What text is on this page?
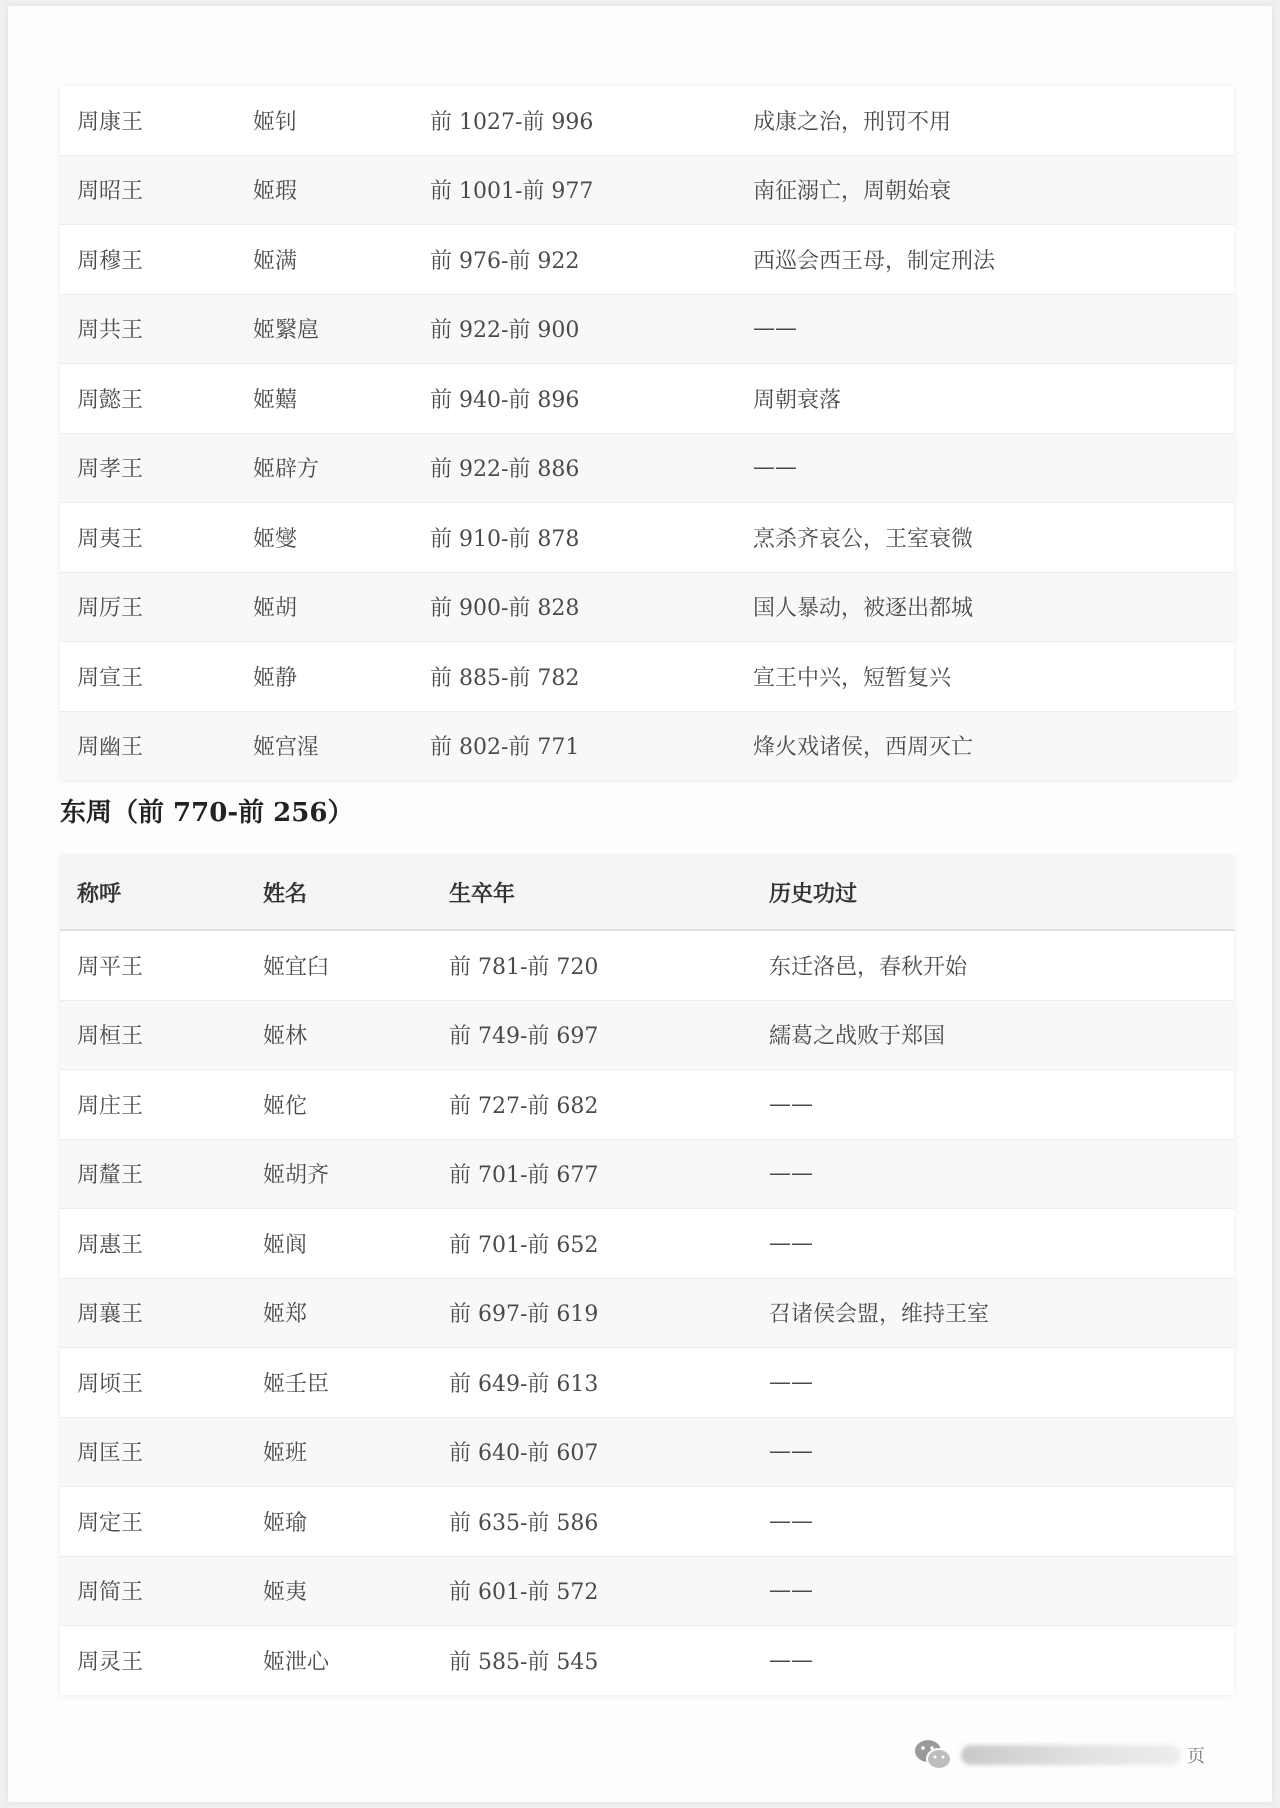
周康王	姬钊	前 1027-前 996	成康之治，刑罚不用
周昭王	姬瑕	前 1001-前 977	南征溺亡，周朝始衰
周穆王	姬满	前 976-前 922	西巡会西王母，制定刑法
周共王	姬繄扈	前 922-前 900	——
周懿王	姬囏	前 940-前 896	周朝衰落
周孝王	姬辟方	前 922-前 886	——
周夷王	姬燮	前 910-前 878	烹杀齐哀公，王室衰微
周厉王	姬胡	前 900-前 828	国人暴动，被逐出都城
周宣王	姬静	前 885-前 782	宣王中兴，短暂复兴
周幽王	姬宫湦	前 802-前 771	烽火戏诸侯，西周灭亡
东周（前 770-前 256）
称呼	姓名	生卒年	历史功过
周平王	姬宜臼	前 781-前 720	东迁洛邑，春秋开始
周桓王	姬林	前 749-前 697	繻葛之战败于郑国
周庄王	姬佗	前 727-前 682	——
周釐王	姬胡齐	前 701-前 677	——
周惠王	姬阆	前 701-前 652	——
周襄王	姬郑	前 697-前 619	召诸侯会盟，维持王室
周顷王	姬壬臣	前 649-前 613	——
周匡王	姬班	前 640-前 607	——
周定王	姬瑜	前 635-前 586	——
周简王	姬夷	前 601-前 572	——
周灵王	姬泄心	前 585-前 545	——
页
